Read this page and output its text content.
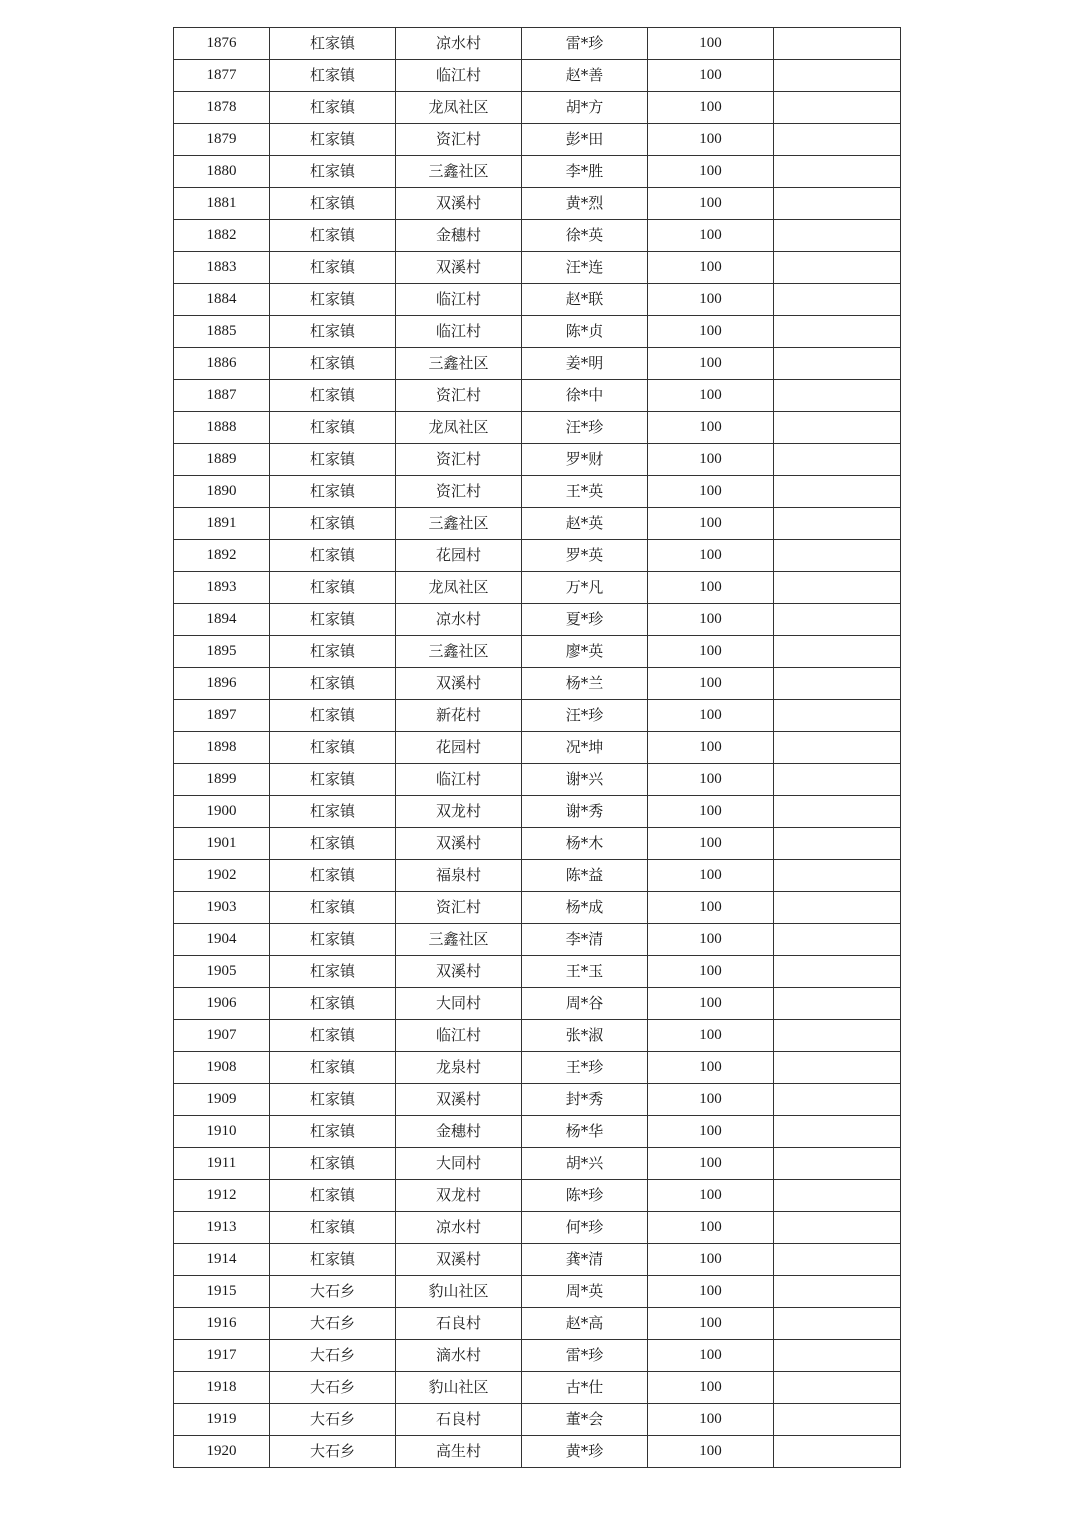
1876	杠家镇	凉水村	雷*珍	100	
1877	杠家镇	临江村	赵*善	100	
1878	杠家镇	龙凤社区	胡*方	100	
1879	杠家镇	资汇村	彭*田	100	
1880	杠家镇	三鑫社区	李*胜	100	
1881	杠家镇	双溪村	黄*烈	100	
1882	杠家镇	金穗村	徐*英	100	
1883	杠家镇	双溪村	汪*连	100	
1884	杠家镇	临江村	赵*联	100	
1885	杠家镇	临江村	陈*贞	100	
1886	杠家镇	三鑫社区	姜*明	100	
1887	杠家镇	资汇村	徐*中	100	
1888	杠家镇	龙凤社区	汪*珍	100	
1889	杠家镇	资汇村	罗*财	100	
1890	杠家镇	资汇村	王*英	100	
1891	杠家镇	三鑫社区	赵*英	100	
1892	杠家镇	花园村	罗*英	100	
1893	杠家镇	龙凤社区	万*凡	100	
1894	杠家镇	凉水村	夏*珍	100	
1895	杠家镇	三鑫社区	廖*英	100	
1896	杠家镇	双溪村	杨*兰	100	
1897	杠家镇	新花村	汪*珍	100	
1898	杠家镇	花园村	况*坤	100	
1899	杠家镇	临江村	谢*兴	100	
1900	杠家镇	双龙村	谢*秀	100	
1901	杠家镇	双溪村	杨*木	100	
1902	杠家镇	福泉村	陈*益	100	
1903	杠家镇	资汇村	杨*成	100	
1904	杠家镇	三鑫社区	李*清	100	
1905	杠家镇	双溪村	王*玉	100	
1906	杠家镇	大同村	周*谷	100	
1907	杠家镇	临江村	张*淑	100	
1908	杠家镇	龙泉村	王*珍	100	
1909	杠家镇	双溪村	封*秀	100	
1910	杠家镇	金穗村	杨*华	100	
1911	杠家镇	大同村	胡*兴	100	
1912	杠家镇	双龙村	陈*珍	100	
1913	杠家镇	凉水村	何*珍	100	
1914	杠家镇	双溪村	龚*清	100	
1915	大石乡	豹山社区	周*英	100	
1916	大石乡	石良村	赵*高	100	
1917	大石乡	滴水村	雷*珍	100	
1918	大石乡	豹山社区	古*仕	100	
1919	大石乡	石良村	董*会	100	
1920	大石乡	高生村	黄*珍	100	
